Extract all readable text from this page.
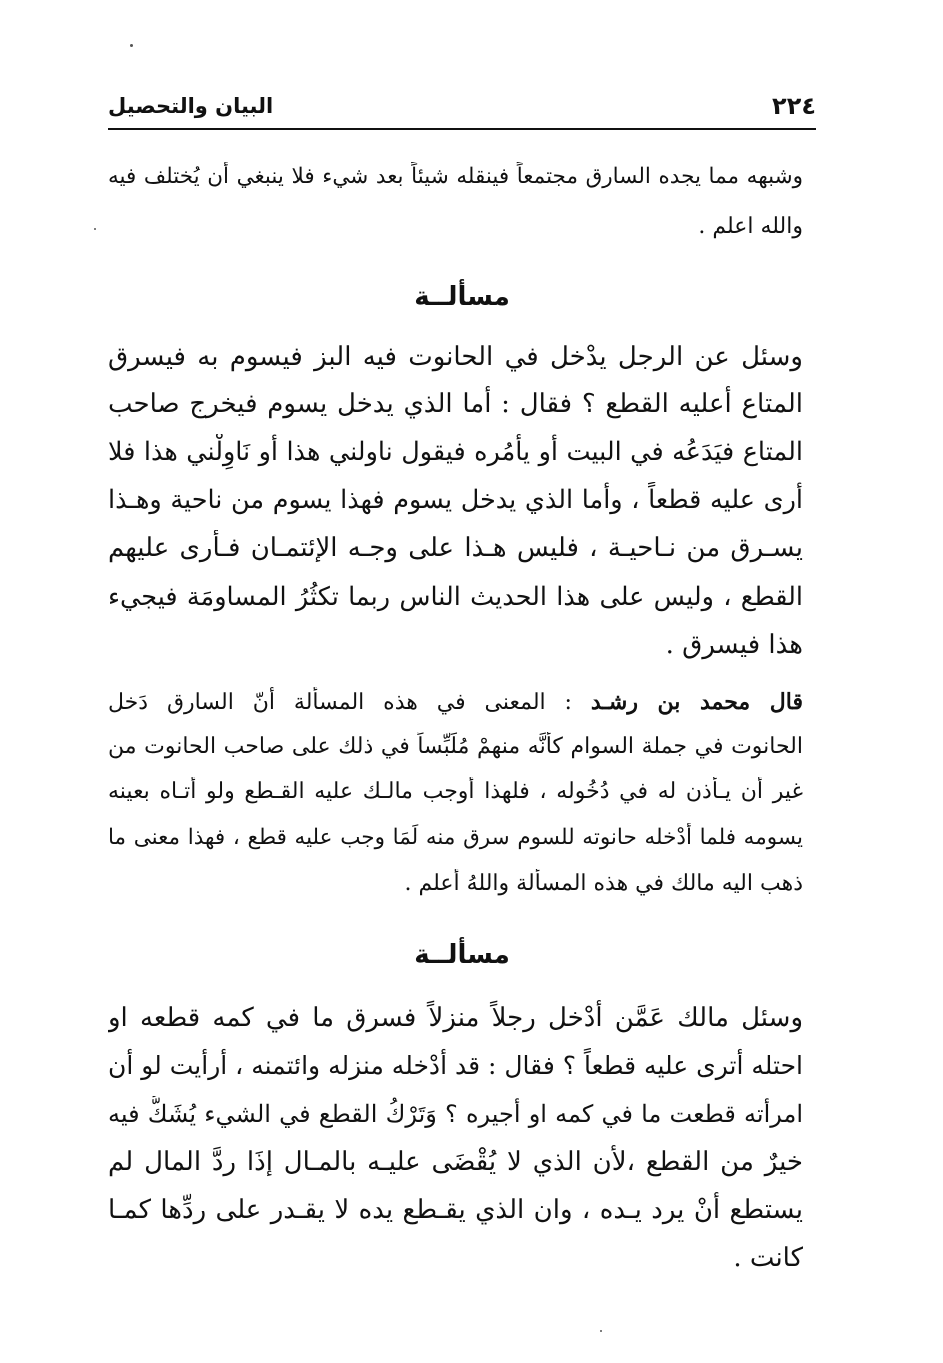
٢٢٤
البيان والتحصيل
وشبهه مما يجده السارق مجتمعاً فينقله شيئاً بعد شيء فلا ينبغي أن يُختلف فيه
والله اعلم .
مسألــة
وسئل عن الرجل يدْخل في الحانوت فيه البز فيسوم به فيسرق
المتاع أعليه القطع ؟ فقال : أما الذي يدخل يسوم فيخرج صاحب
المتاع فيَدَعُه في البيت أو يأمُره فيقول ناولني هذا أو نَاوِلْني هذا فلا
أرى عليه قطعاً ، وأما الذي يدخل يسوم فهذا يسوم من ناحية وهـذا
يسـرق من نـاحيـة ، فليس هـذا على وجـه الإئتمـان فـأرى عليهم
القطع ، وليس على هذا الحديث الناس ربما تكثُرُ المساومَة فيجيء
هذا فيسرق .
قال محمد بن رشـد : المعنى في هذه المسألة أنّ السارق دَخل
الحانوت في جملة السوام كأنَّه منهمْ مُلَبِّساً في ذلك على صاحب الحانوت من
غير أن يـأذن له في دُخُوله ، فلهذا أوجب مالـك عليه القـطع ولو أتـاه بعينه
يسومه فلما أدْخله حانوته للسوم سرق منه لَمَا وجب عليه قطع ، فهذا معنى ما
ذهب اليه مالك في هذه المسألة واللهُ أعلم .
مسألــة
وسئل مالك عَمَّن أدْخل رجلاً منزلاً فسرق ما في كمه قطعه او
احتله أترى عليه قطعاً ؟ فقال : قد أدْخله منزله وائتمنه ، أرأيت لو أن
امرأته قطعت ما في كمه او أجيره ؟ وَتَرْكُ القطع في الشيء يُشَكُّ فيه
خيرٌ من القطع ،لأن الذي لا يُقْضَى عليـه بالمـال إذَا ردَّ المال لم
يستطع أنْ يرد يـده ، وان الذي يقـطع يده لا يقـدر على ردِّها كمـا
كانت .
